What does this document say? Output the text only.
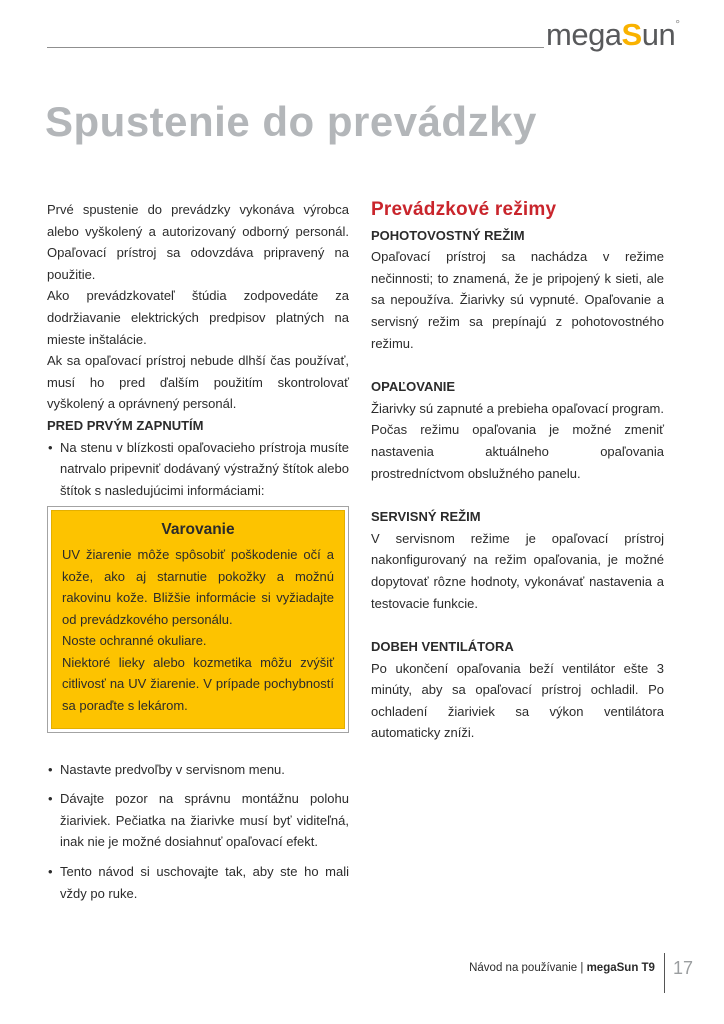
megaSun°
Spustenie do prevádzky

Prvé spustenie do prevádzky vykonáva výrobca alebo vyškolený a autorizovaný odborný personál. Opaľovací prístroj sa odovzdáva pripravený na použitie.

Ako prevádzkovateľ štúdia zodpovedáte za dodržiavanie elektrických predpisov platných na mieste inštalácie.

Ak sa opaľovací prístroj nebude dlhší čas používať, musí ho pred ďalším použitím skontrolovať vyškolený a oprávnený personál.

PRED PRVÝM ZAPNUTÍM

• Na stenu v blízkosti opaľovacieho prístroja musíte natrvalo pripevniť dodávaný výstražný štítok alebo štítok s nasledujúcimi informáciami:
Varovanie

UV žiarenie môže spôsobiť poškodenie očí a kože, ako aj starnutie pokožky a možnú rakovinu kože. Bližšie informácie si vyžiadajte od prevádzkového personálu.

Noste ochranné okuliare.

Niektoré lieky alebo kozmetika môžu zvýšiť citlivosť na UV žiarenie. V prípade pochybností sa poraďte s lekárom.

• Nastavte predvoľby v servisnom menu.
• Dávajte pozor na správnu montážnu polohu žiariviek. Pečiatka na žiarivke musí byť viditeľná, inak nie je možné dosiahnuť opaľovací efekt.
• Tento návod si uschovajte tak, aby ste ho mali vždy po ruke.
Prevádzkové režimy

POHOTOVOSTNÝ REŽIM

Opaľovací prístroj sa nachádza v režime nečinnosti; to znamená, že je pripojený k sieti, ale sa nepoužíva. Žiarivky sú vypnuté. Opaľovanie a servisný režim sa prepínajú z pohotovostného režimu.

OPAĽOVANIE

Žiarivky sú zapnuté a prebieha opaľovací program. Počas režimu opaľovania je možné zmeniť nastavenia aktuálneho opaľovania prostredníctvom obslužného panelu.

SERVISNÝ REŽIM

V servisnom režime je opaľovací prístroj nakonfigurovaný na režim opaľovania, je možné dopytovať rôzne hodnoty, vykonávať nastavenia a testovacie funkcie.

DOBEH VENTILÁTORA

Po ukončení opaľovania beží ventilátor ešte 3 minúty, aby sa opaľovací prístroj ochladil. Po ochladení žiariviek sa výkon ventilátora automaticky zníži.

Návod na používanie | megaSun T9 17
